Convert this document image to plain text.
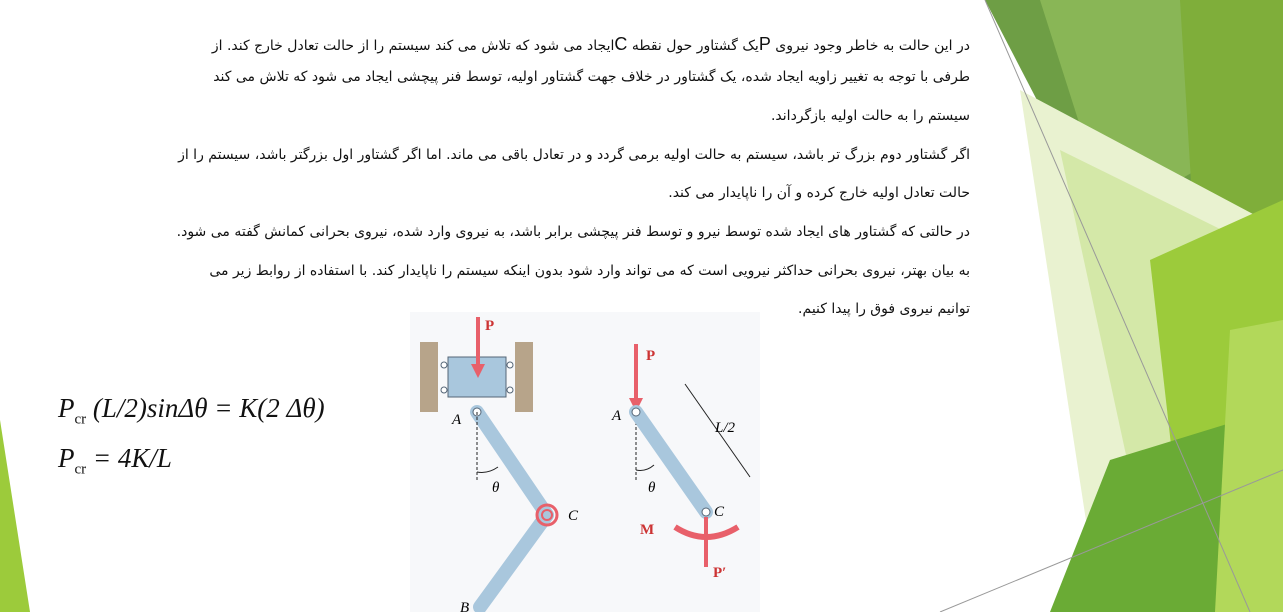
در این حالت به خاطر وجود نیروی Pیک گشتاور حول نقطه Cایجاد می شود که تلاش می کند سیستم را از حالت تعادل خارج کند. از
طرفی با توجه به تغییر زاویه ایجاد شده، یک گشتاور در خلاف جهت گشتاور اولیه، توسط فنر پیچشی ایجاد می شود که تلاش می کند
سیستم را به حالت اولیه بازگرداند.
اگر گشتاور دوم بزرگ تر باشد، سیستم به حالت اولیه برمی گردد و در تعادل باقی می ماند. اما اگر گشتاور اول بزرگتر باشد، سیستم را از
حالت تعادل اولیه خارج کرده و آن را ناپایدار می کند.
در حالتی که گشتاور های ایجاد شده توسط نیرو و توسط فنر پیچشی برابر باشد، به نیروی وارد شده، نیروی بحرانی کمانش گفته می شود.
به بیان بهتر، نیروی بحرانی حداکثر نیرویی است که می تواند وارد شود بدون اینکه سیستم را ناپایدار کند. با استفاده از روابط زیر می
توانیم نیروی فوق را پیدا کنیم.
$P_{cr}$ (L/2)sinΔθ = K(2 Δθ)
$P_{cr} = 4K/L$
P
A
θ
C
B
P
A
θ
C
L/2
M
P′
